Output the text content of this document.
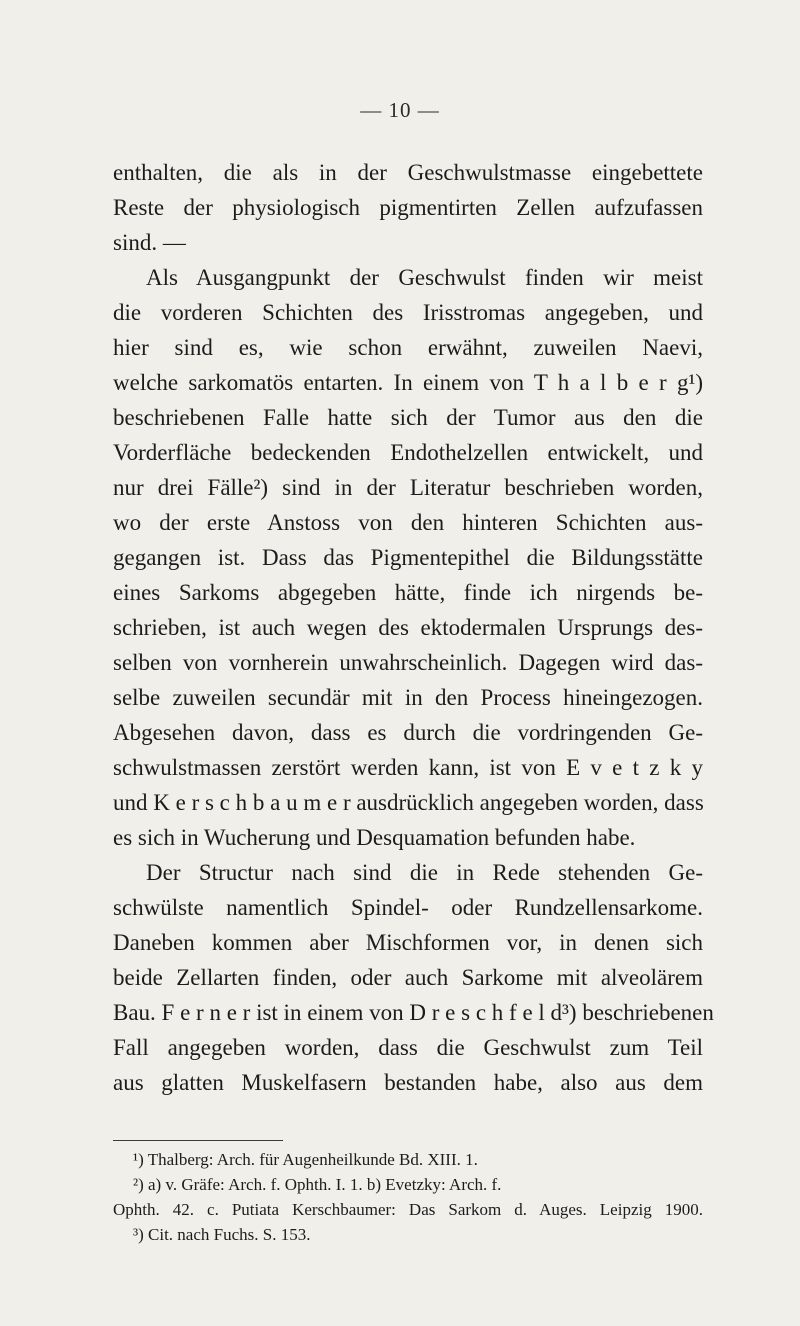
— 10 —
enthalten, die als in der Geschwulstmasse eingebettete
Reste der physiologisch pigmentirten Zellen aufzufassen
sind. —
Als Ausgangpunkt der Geschwulst finden wir meist
die vorderen Schichten des Irisstromas angegeben, und
hier sind es, wie schon erwähnt, zuweilen Naevi,
welche sarkomatös entarten. In einem von T h a l b e r g¹)
beschriebenen Falle hatte sich der Tumor aus den die
Vorderfläche bedeckenden Endothelzellen entwickelt, und
nur drei Fälle²) sind in der Literatur beschrieben worden,
wo der erste Anstoss von den hinteren Schichten aus-
gegangen ist. Dass das Pigmentepithel die Bildungsstätte
eines Sarkoms abgegeben hätte, finde ich nirgends be-
schrieben, ist auch wegen des ektodermalen Ursprungs des-
selben von vornherein unwahrscheinlich. Dagegen wird das-
selbe zuweilen secundär mit in den Process hineingezogen.
Abgesehen davon, dass es durch die vordringenden Ge-
schwulstmassen zerstört werden kann, ist von E v e t z k y
und K e r s c h b a u m e r ausdrücklich angegeben worden, dass
es sich in Wucherung und Desquamation befunden habe.
Der Structur nach sind die in Rede stehenden Ge-
schwülste namentlich Spindel- oder Rundzellensarkome.
Daneben kommen aber Mischformen vor, in denen sich
beide Zellarten finden, oder auch Sarkome mit alveolärem
Bau. F e r n e r ist in einem von D r e s c h f e l d³) beschriebenen
Fall angegeben worden, dass die Geschwulst zum Teil
aus glatten Muskelfasern bestanden habe, also aus dem
¹) Thalberg: Arch. für Augenheilkunde Bd. XIII. 1.
²) a) v. Gräfe: Arch. f. Ophth. I. 1. b) Evetzky: Arch. f.
Ophth. 42. c. Putiata Kerschbaumer: Das Sarkom d. Auges. Leipzig 1900.
³) Cit. nach Fuchs. S. 153.
